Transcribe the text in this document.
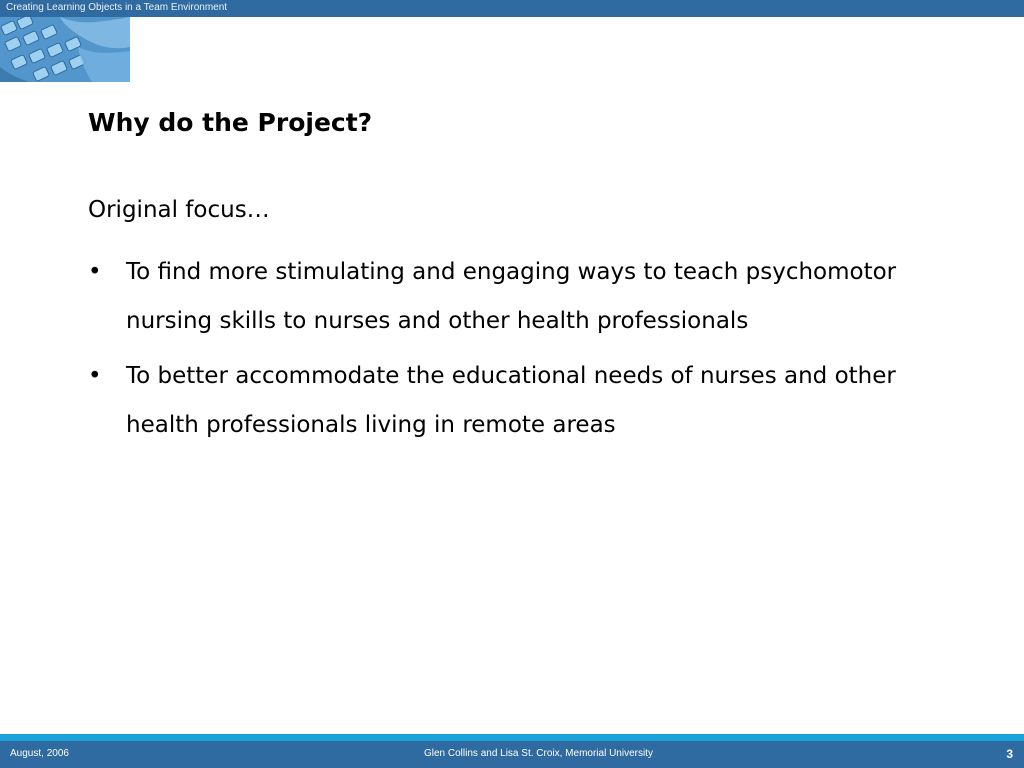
Creating Learning Objects in a Team Environment
Why do the Project?
Original focus…
• To find more stimulating and engaging ways to teach psychomotor nursing skills to nurses and other health professionals
• To better accommodate the educational needs of nurses and other health professionals living in remote areas
August, 2006	Glen Collins and Lisa St. Croix, Memorial University	3
